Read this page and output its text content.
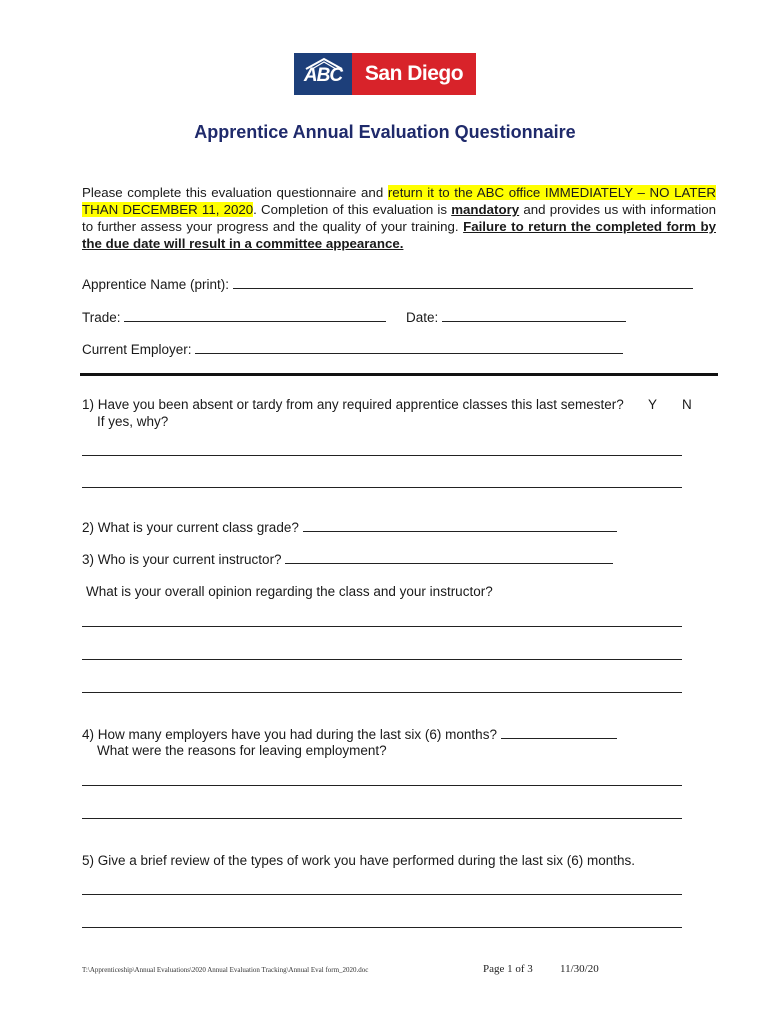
ABC	San Diego
Apprentice Annual Evaluation Questionnaire
Please complete this evaluation questionnaire and return it to the ABC office IMMEDIATELY – NO LATER THAN DECEMBER 11, 2020. Completion of this evaluation is mandatory and provides us with information to further assess your progress and the quality of your training. Failure to return the completed form by the due date will result in a committee appearance.
Apprentice Name (print):
Trade:	Date:
Current Employer:
1) Have you been absent or tardy from any required apprentice classes this last semester? Y N
If yes, why?
2) What is your current class grade?
3) Who is your current instructor?
What is your overall opinion regarding the class and your instructor?
4) How many employers have you had during the last six (6) months?
What were the reasons for leaving employment?
5) Give a brief review of the types of work you have performed during the last six (6) months.
T:\Apprenticeship\Annual Evaluations\2020 Annual Evaluation Tracking\Annual Eval form_2020.doc	Page 1 of 3 11/30/20
